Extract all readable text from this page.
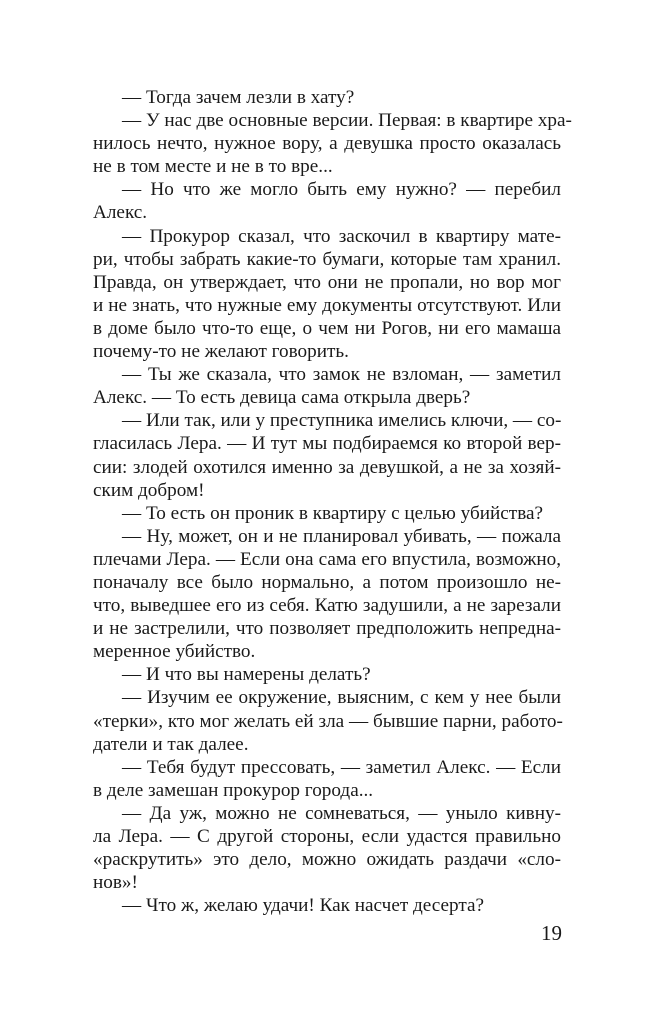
— Тогда зачем лезли в хату?
— У нас две основные версии. Первая: в квартире хра-
нилось нечто, нужное вору, а девушка просто оказалась
не в том месте и не в то вре...
— Но что же могло быть ему нужно? — перебил
Алекс.
— Прокурор сказал, что заскочил в квартиру мате-
ри, чтобы забрать какие-то бумаги, которые там хранил.
Правда, он утверждает, что они не пропали, но вор мог
и не знать, что нужные ему документы отсутствуют. Или
в доме было что-то еще, о чем ни Рогов, ни его мамаша
почему-то не желают говорить.
— Ты же сказала, что замок не взломан, — заметил
Алекс. — То есть девица сама открыла дверь?
— Или так, или у преступника имелись ключи, — со-
гласилась Лера. — И тут мы подбираемся ко второй вер-
сии: злодей охотился именно за девушкой, а не за хозяй-
ским добром!
— То есть он проник в квартиру с целью убийства?
— Ну, может, он и не планировал убивать, — пожала
плечами Лера. — Если она сама его впустила, возможно,
поначалу все было нормально, а потом произошло не-
что, выведшее его из себя. Катю задушили, а не зарезали
и не застрелили, что позволяет предположить непредна-
меренное убийство.
— И что вы намерены делать?
— Изучим ее окружение, выясним, с кем у нее были
«терки», кто мог желать ей зла — бывшие парни, работо-
датели и так далее.
— Тебя будут прессовать, — заметил Алекс. — Если
в деле замешан прокурор города...
— Да уж, можно не сомневаться, — уныло кивну-
ла Лера. — С другой стороны, если удастся правильно
«раскрутить» это дело, можно ожидать раздачи «сло-
нов»!
— Что ж, желаю удачи! Как насчет десерта?
19
